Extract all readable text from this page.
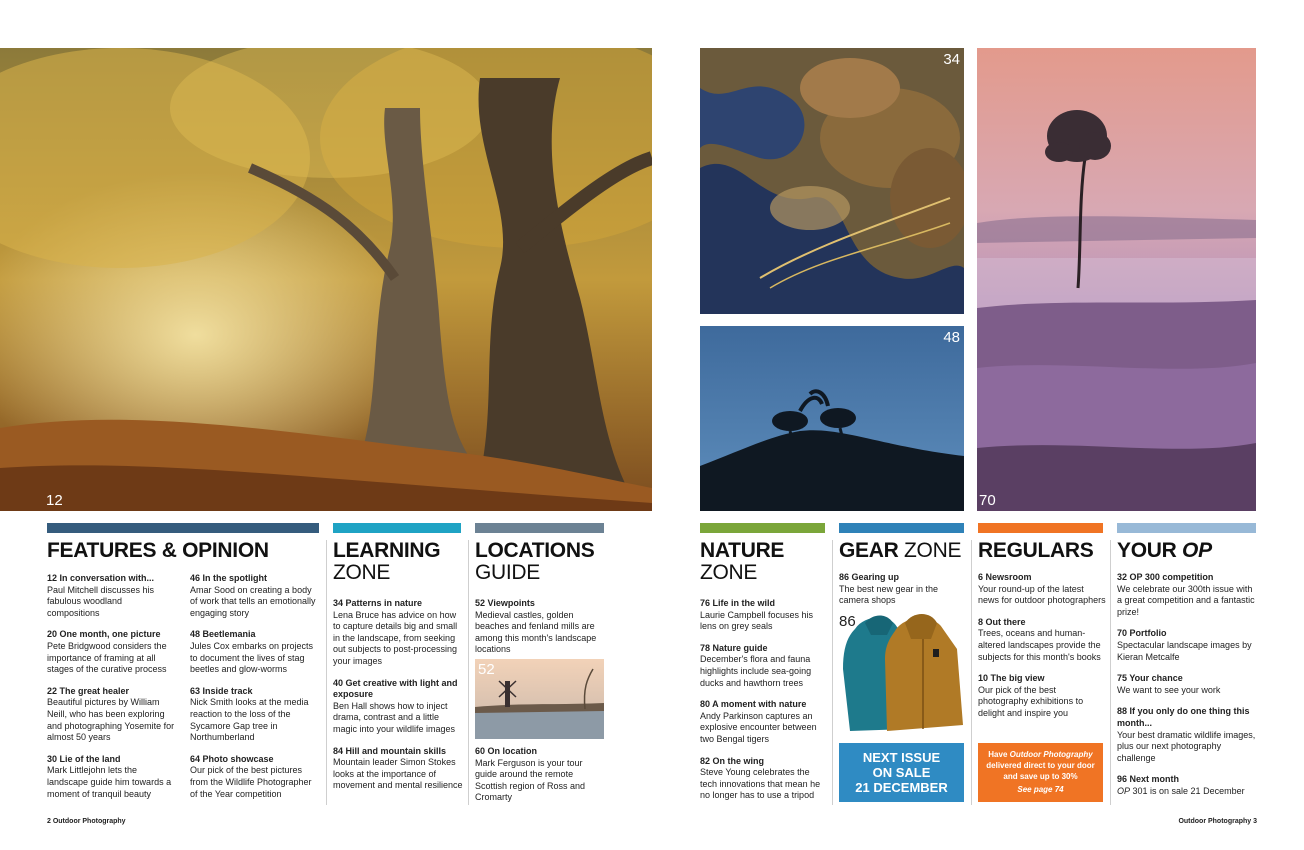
12
34
48
70
FEATURES & OPINION
12 In conversation with...
Paul Mitchell discusses his fabulous woodland compositions
20 One month, one picture
Pete Bridgwood considers the importance of framing at all stages of the curative process
22 The great healer
Beautiful pictures by William Neill, who has been exploring and photographing Yosemite for almost 50 years
30 Lie of the land
Mark Littlejohn lets the landscape guide him towards a moment of tranquil beauty
46 In the spotlight
Amar Sood on creating a body of work that tells an emotionally engaging story
48 Beetlemania
Jules Cox embarks on projects to document the lives of stag beetles and glow-worms
63 Inside track
Nick Smith looks at the media reaction to the loss of the Sycamore Gap tree in Northumberland
64 Photo showcase
Our pick of the best pictures from the Wildlife Photographer of the Year competition
LEARNING
ZONE
34 Patterns in nature
Lena Bruce has advice on how to capture details big and small in the landscape, from seeking out subjects to post-processing your images
40 Get creative with light and exposure
Ben Hall shows how to inject drama, contrast and a little magic into your wildlife images
84 Hill and mountain skills
Mountain leader Simon Stokes looks at the importance of movement and mental resilience
LOCATIONS
GUIDE
52 Viewpoints
Medieval castles, golden beaches and fenland mills are among this month's landscape locations
52
60 On location
Mark Ferguson is your tour guide around the remote Scottish region of Ross and Cromarty
NATURE
ZONE
76 Life in the wild
Laurie Campbell focuses his lens on grey seals
78 Nature guide
December's flora and fauna highlights include sea-going ducks and hawthorn trees
80 A moment with nature
Andy Parkinson captures an explosive encounter between two Bengal tigers
82 On the wing
Steve Young celebrates the tech innovations that mean he no longer has to use a tripod
GEAR ZONE
86 Gearing up
The best new gear in the camera shops
86
NEXT ISSUE
ON SALE
21 DECEMBER
REGULARS
6 Newsroom
Your round-up of the latest news for outdoor photographers
8 Out there
Trees, oceans and human-altered landscapes provide the subjects for this month's books
10 The big view
Our pick of the best photography exhibitions to delight and inspire you
Have Outdoor Photography
delivered direct to your door
and save up to 30%
See page 74
YOUR OP
32 OP 300 competition
We celebrate our 300th issue with a great competition and a fantastic prize!
70 Portfolio
Spectacular landscape images by Kieran Metcalfe
75 Your chance
We want to see your work
88 If you only do one thing this month...
Your best dramatic wildlife images, plus our next photography challenge
96 Next month
OP 301 is on sale 21 December
2 Outdoor Photography	Outdoor Photography 3
